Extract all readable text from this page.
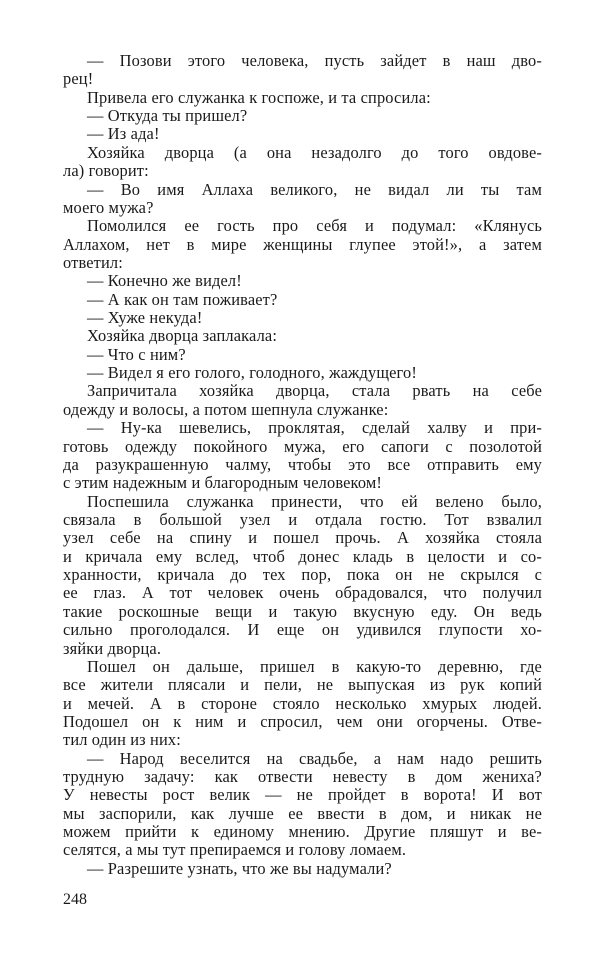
— Позови этого человека, пусть зайдет в наш дво-
рец!
Привела его служанка к госпоже, и та спросила:
— Откуда ты пришел?
— Из ада!
Хозяйка дворца (а она незадолго до того овдове-
ла) говорит:
— Во имя Аллаха великого, не видал ли ты там
моего мужа?
Помолился ее гость про себя и подумал: «Клянусь
Аллахом, нет в мире женщины глупее этой!», а затем
ответил:
— Конечно же видел!
— А как он там поживает?
— Хуже некуда!
Хозяйка дворца заплакала:
— Что с ним?
— Видел я его голого, голодного, жаждущего!
Запричитала хозяйка дворца, стала рвать на себе
одежду и волосы, а потом шепнула служанке:
— Ну-ка шевелись, проклятая, сделай халву и при-
готовь одежду покойного мужа, его сапоги с позолотой
да разукрашенную чалму, чтобы это все отправить ему
с этим надежным и благородным человеком!
Поспешила служанка принести, что ей велено было,
связала в большой узел и отдала гостю. Тот взвалил
узел себе на спину и пошел прочь. А хозяйка стояла
и кричала ему вслед, чтоб донес кладь в целости и со-
хранности, кричала до тех пор, пока он не скрылся с
ее глаз. А тот человек очень обрадовался, что получил
такие роскошные вещи и такую вкусную еду. Он ведь
сильно проголодался. И еще он удивился глупости хо-
зяйки дворца.
Пошел он дальше, пришел в какую-то деревню, где
все жители плясали и пели, не выпуская из рук копий
и мечей. А в стороне стояло несколько хмурых людей.
Подошел он к ним и спросил, чем они огорчены. Отве-
тил один из них:
— Народ веселится на свадьбе, а нам надо решить
трудную задачу: как отвести невесту в дом жениха?
У невесты рост велик — не пройдет в ворота! И вот
мы заспорили, как лучше ее ввести в дом, и никак не
можем прийти к единому мнению. Другие пляшут и ве-
селятся, а мы тут препираемся и голову ломаем.
— Разрешите узнать, что же вы надумали?
248
